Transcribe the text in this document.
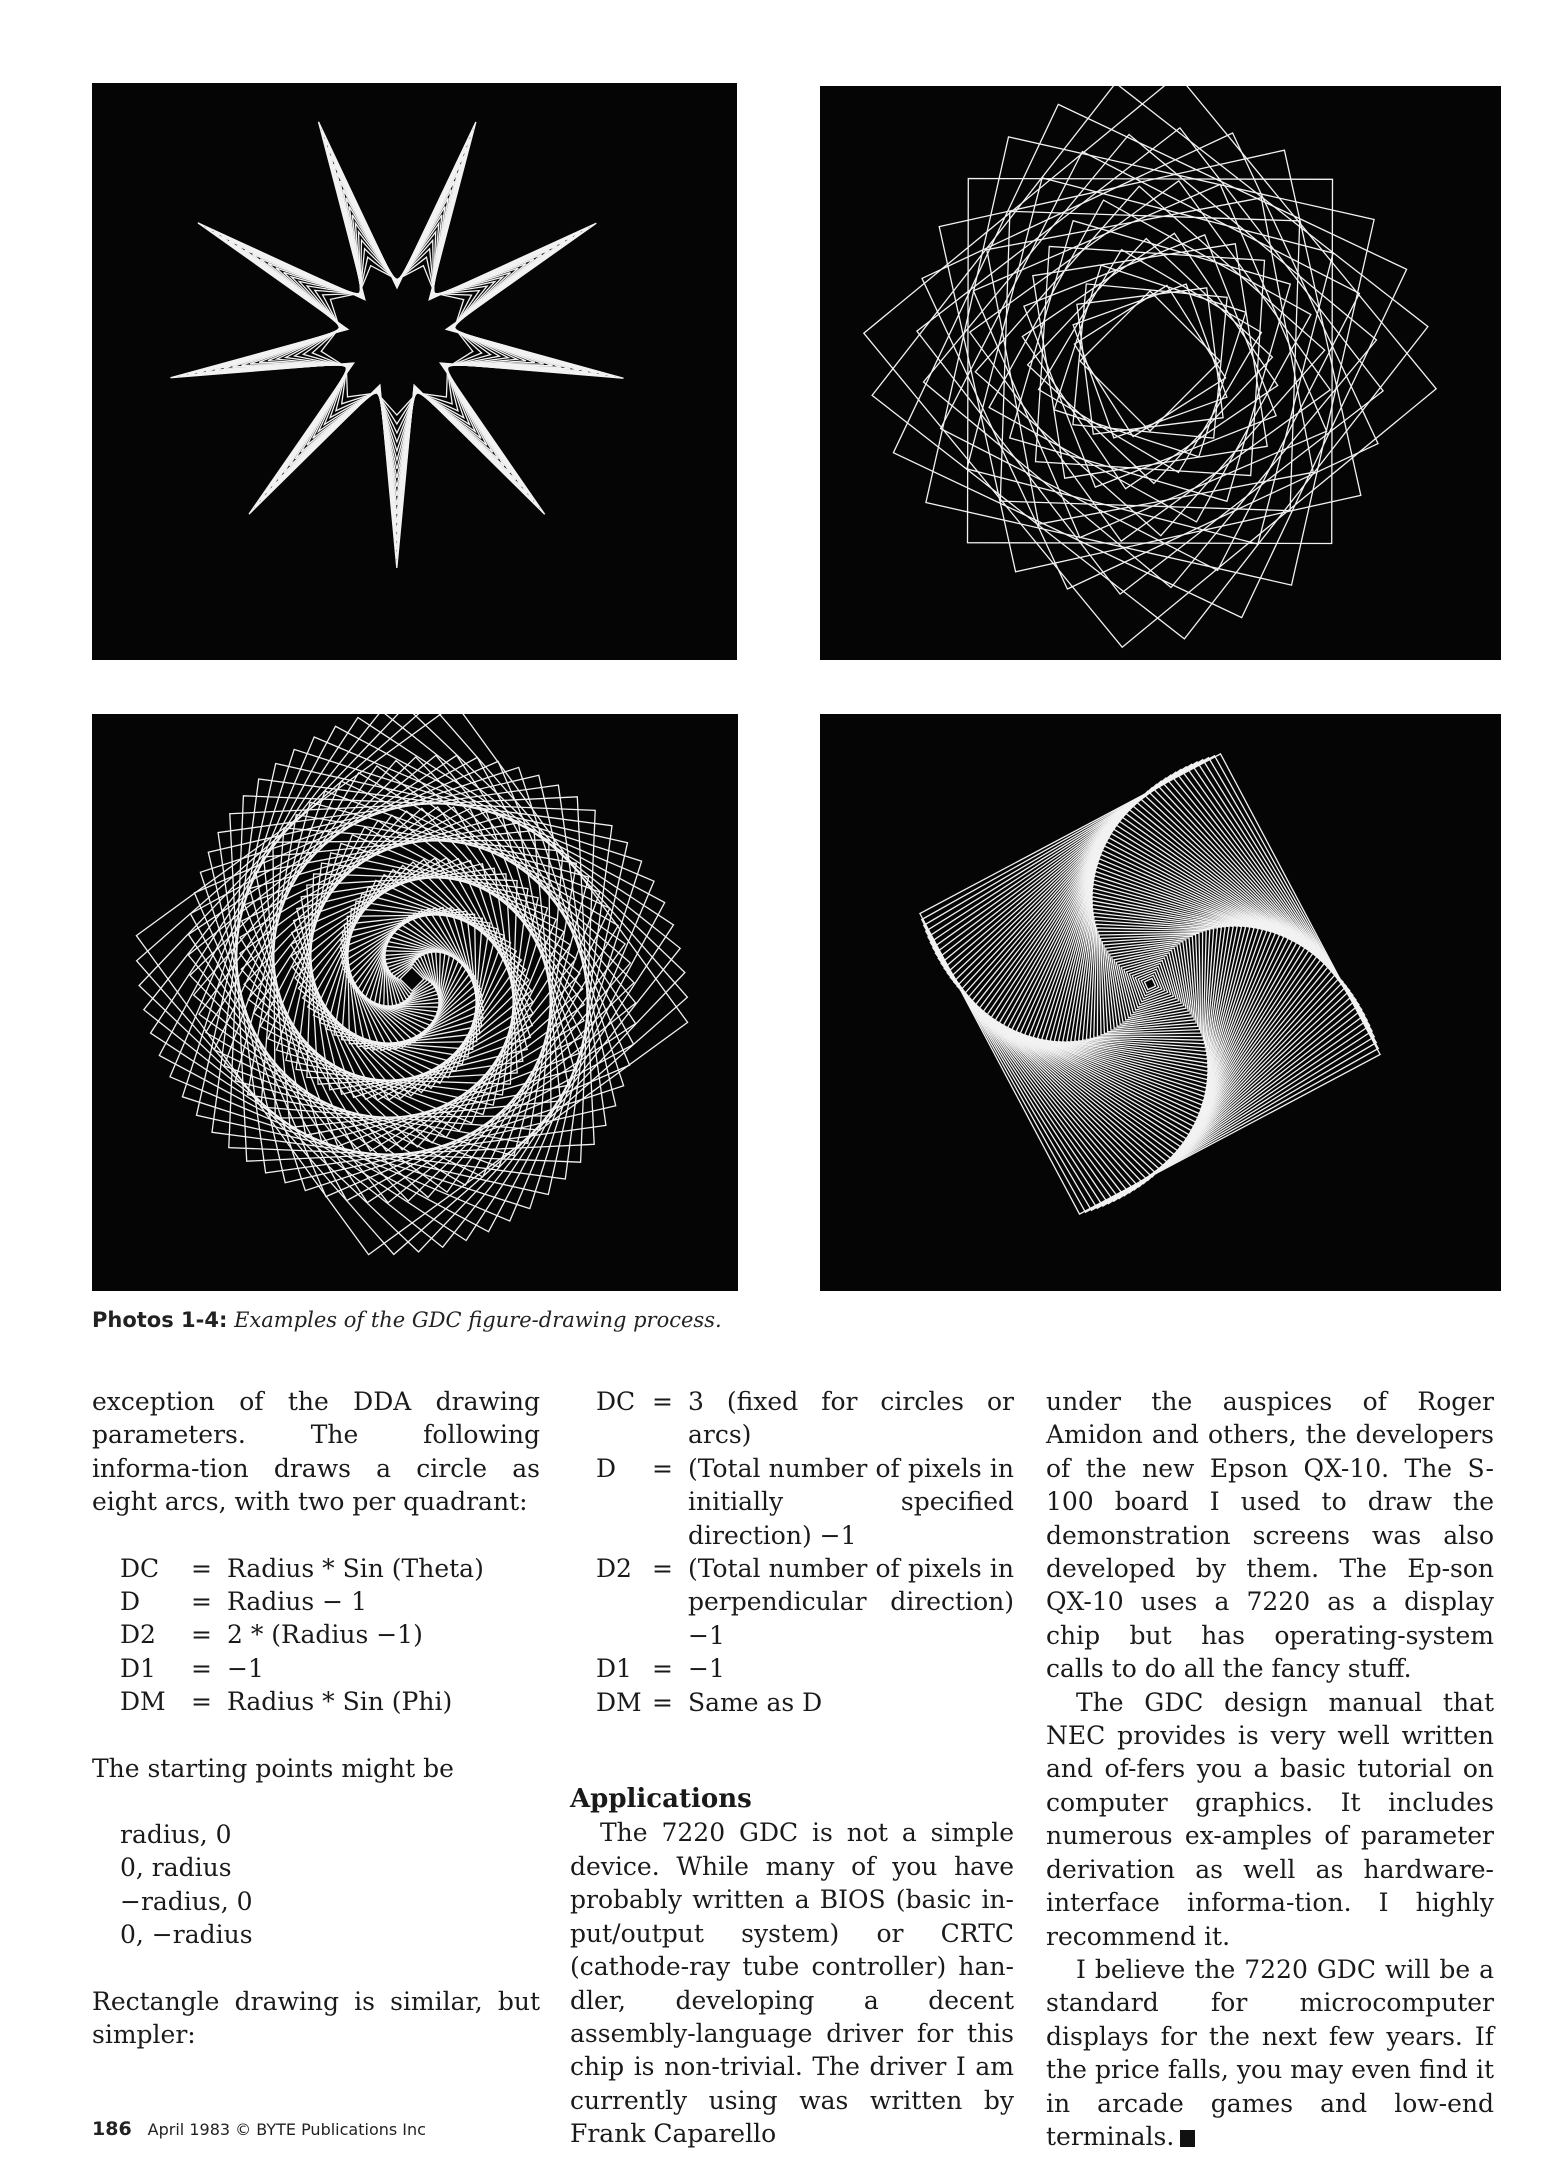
Photos 1-4: Examples of the GDC figure-drawing process.

exception of the DDA drawing parameters. The following informa-tion draws a circle as eight arcs, with two per quadrant:

DC	= Radius * Sin (Theta)
D	= Radius − 1
D2	= 2 * (Radius −1)
D1	= −1
DM	= Radius * Sin (Phi)

The starting points might be

radius, 0
0, radius
−radius, 0
0, −radius

Rectangle drawing is similar, but simpler:

DC = 3 (fixed for circles or arcs)
D	= (Total number of pixels in initially specified direction) −1
D2 = (Total number of pixels in perpendicular direction) −1
D1 = −1
DM = Same as D
Applications

The 7220 GDC is not a simple device. While many of you have probably written a BIOS (basic in-put/output system) or CRTC (cathode-ray tube controller) han-dler, developing a decent assembly-language driver for this chip is non-trivial. The driver I am currently using was written by Frank Caparello

under the auspices of Roger Amidon and others, the developers of the new Epson QX-10. The S-100 board I used to draw the demonstration screens was also developed by them. The Ep-son QX-10 uses a 7220 as a display chip but has operating-system calls to do all the fancy stuff.

The GDC design manual that NEC provides is very well written and of-fers you a basic tutorial on computer graphics. It includes numerous ex-amples of parameter derivation as well as hardware-interface informa-tion. I highly recommend it.

I believe the 7220 GDC will be a standard for microcomputer displays for the next few years. If the price falls, you may even find it in arcade games and low-end terminals.

186 April 1983 © BYTE Publications Inc
